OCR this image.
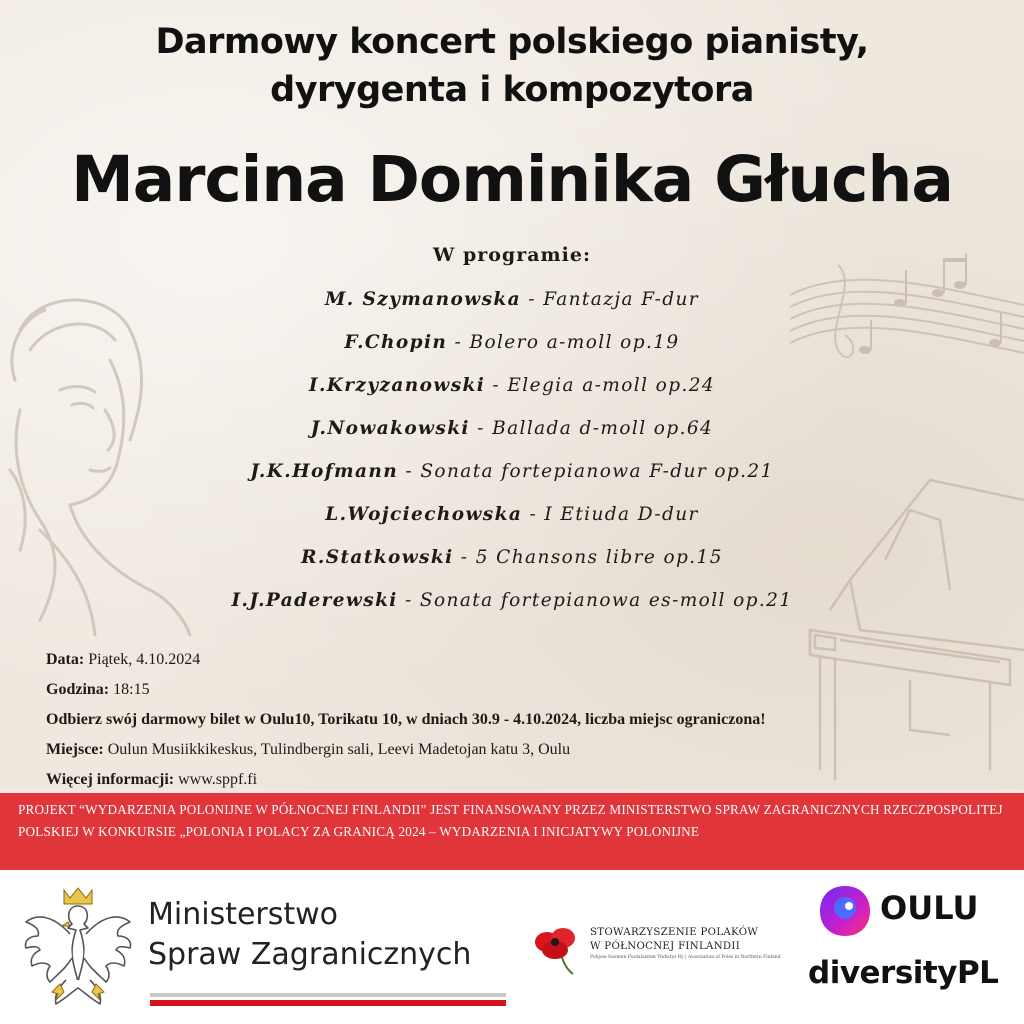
Darmowy koncert polskiego pianisty,
dyrygenta i kompozytora
Marcina Dominika Głucha
W programie:
M. Szymanowska - Fantazja F-dur
F.Chopin - Bolero a-moll op.19
I.Krzyzanowski - Elegia a-moll op.24
J.Nowakowski - Ballada d-moll op.64
J.K.Hofmann - Sonata fortepianowa F-dur op.21
L.Wojciechowska - I Etiuda D-dur
R.Statkowski - 5 Chansons libre op.15
I.J.Paderewski - Sonata fortepianowa es-moll op.21
Data: Piątek, 4.10.2024
Godzina: 18:15
Odbierz swój darmowy bilet w Oulu10, Torikatu 10, w dniach 30.9 - 4.10.2024, liczba miejsc ograniczona!
Miejsce: Oulun Musiikkikeskus, Tulindbergin sali, Leevi Madetojan katu 3, Oulu
Więcej informacji: www.sppf.fi
PROJEKT “WYDARZENIA POLONIJNE W PÓŁNOCNEJ FINLANDII” JEST FINANSOWANY PRZEZ MINISTERSTWO SPRAW ZAGRANICZNYCH RZECZPOSPOLITEJ POLSKIEJ W KONKURSIE „POLONIA I POLACY ZA GRANICĄ 2024 – WYDARZENIA I INICJATYWY POLONIJNE
Ministerstwo
Spraw Zagranicznych
STOWARZYSZENIE POLAKÓW
W PÓŁNOCNEJ FINLANDII
Pohjois-Suomen Puolalaisten Yhdistys Ry | Association of Poles in Northern Finland
OULU
diversityPL
